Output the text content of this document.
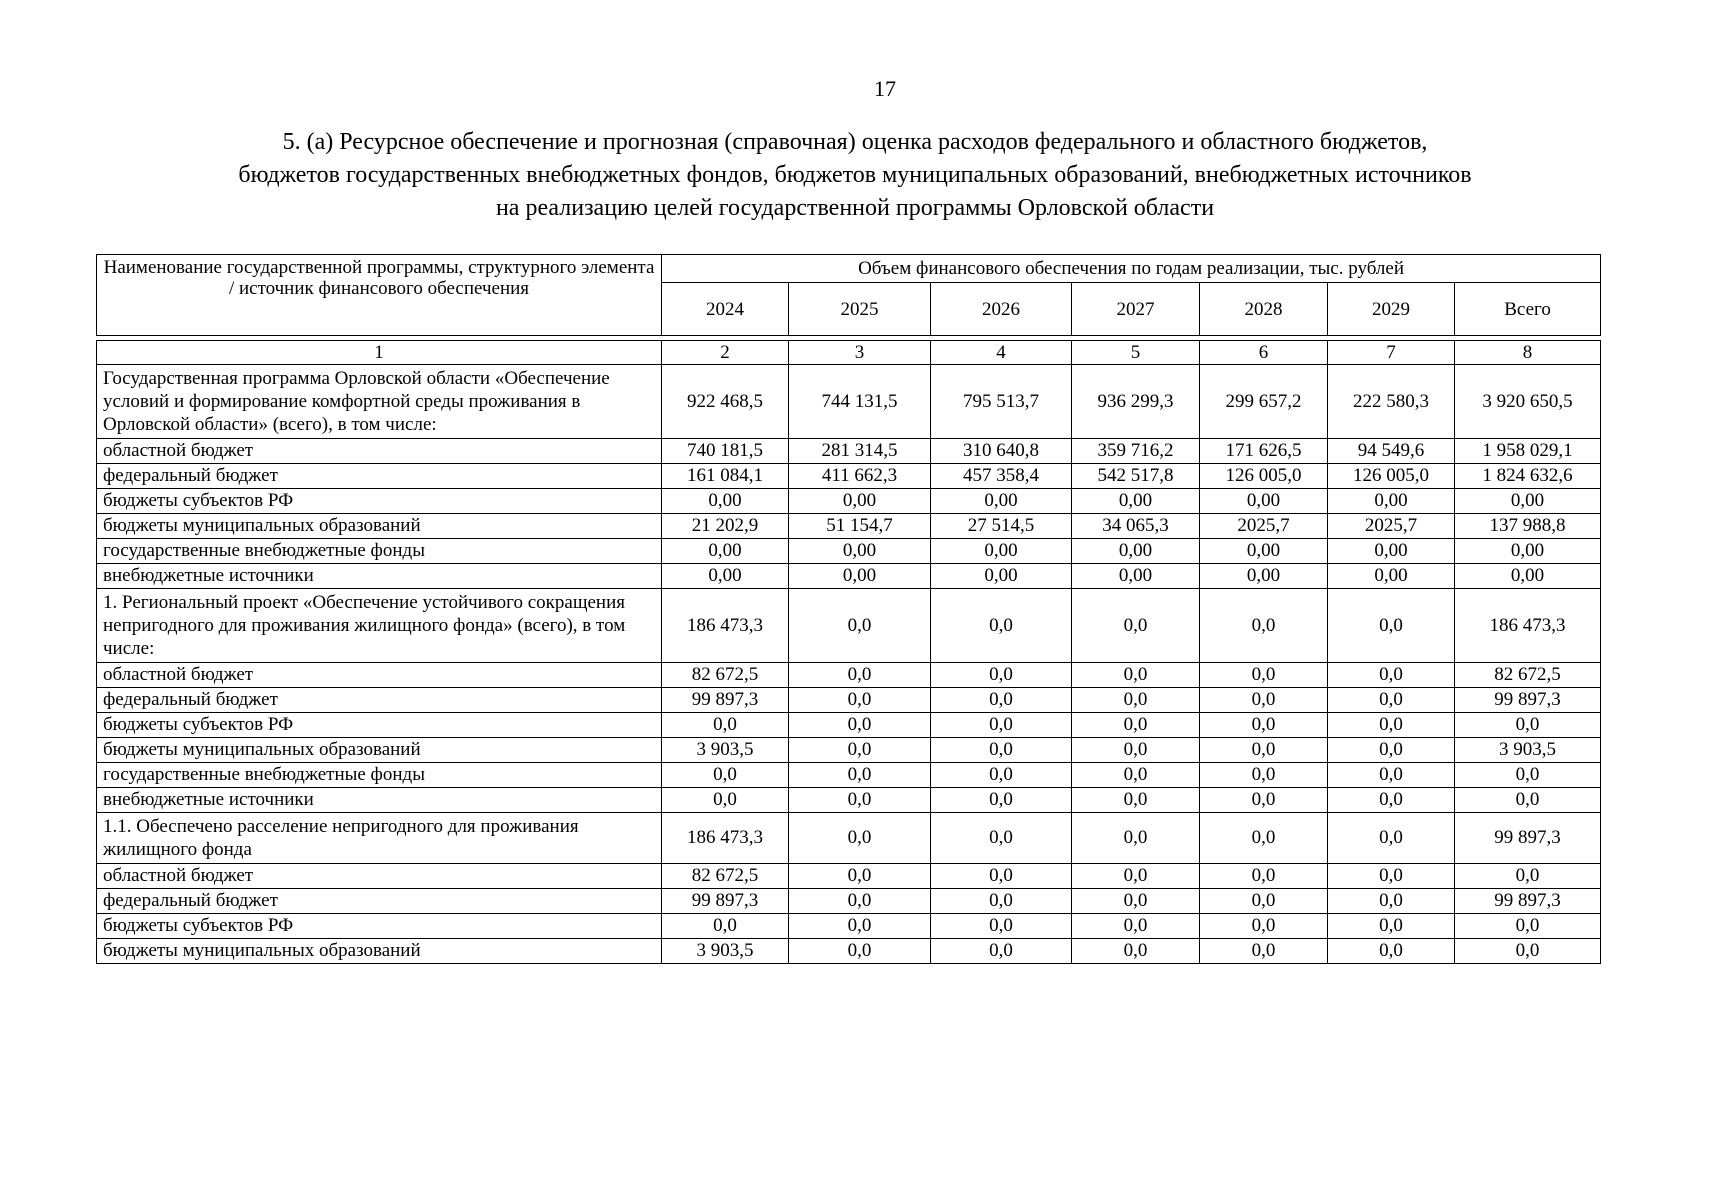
17
5. (а) Ресурсное обеспечение и прогнозная (справочная) оценка расходов федерального и областного бюджетов,
бюджетов государственных внебюджетных фондов, бюджетов муниципальных образований, внебюджетных источников
на реализацию целей государственной программы Орловской области
Наименование государственной программы, структурного элемента / источник финансового обеспечения	Объем финансового обеспечения по годам реализации, тыс. рублей						
	2024	2025	2026	2027	2028	2029	Всего
1	2	3	4	5	6	7	8
Государственная программа Орловской области «Обеспечение условий и формирование комфортной среды проживания в Орловской области» (всего), в том числе:	922 468,5	744 131,5	795 513,7	936 299,3	299 657,2	222 580,3	3 920 650,5
областной бюджет	740 181,5	281 314,5	310 640,8	359 716,2	171 626,5	94 549,6	1 958 029,1
федеральный бюджет	161 084,1	411 662,3	457 358,4	542 517,8	126 005,0	126 005,0	1 824 632,6
бюджеты субъектов РФ	0,00	0,00	0,00	0,00	0,00	0,00	0,00
бюджеты муниципальных образований	21 202,9	51 154,7	27 514,5	34 065,3	2025,7	2025,7	137 988,8
государственные внебюджетные фонды	0,00	0,00	0,00	0,00	0,00	0,00	0,00
внебюджетные источники	0,00	0,00	0,00	0,00	0,00	0,00	0,00
1. Региональный проект «Обеспечение устойчивого сокращения непригодного для проживания жилищного фонда» (всего), в том числе:	186 473,3	0,0	0,0	0,0	0,0	0,0	186 473,3
областной бюджет	82 672,5	0,0	0,0	0,0	0,0	0,0	82 672,5
федеральный бюджет	99 897,3	0,0	0,0	0,0	0,0	0,0	99 897,3
бюджеты субъектов РФ	0,0	0,0	0,0	0,0	0,0	0,0	0,0
бюджеты муниципальных образований	3 903,5	0,0	0,0	0,0	0,0	0,0	3 903,5
государственные внебюджетные фонды	0,0	0,0	0,0	0,0	0,0	0,0	0,0
внебюджетные источники	0,0	0,0	0,0	0,0	0,0	0,0	0,0
1.1. Обеспечено расселение непригодного для проживания жилищного фонда	186 473,3	0,0	0,0	0,0	0,0	0,0	99 897,3
областной бюджет	82 672,5	0,0	0,0	0,0	0,0	0,0	0,0
федеральный бюджет	99 897,3	0,0	0,0	0,0	0,0	0,0	99 897,3
бюджеты субъектов РФ	0,0	0,0	0,0	0,0	0,0	0,0	0,0
бюджеты муниципальных образований	3 903,5	0,0	0,0	0,0	0,0	0,0	0,0
